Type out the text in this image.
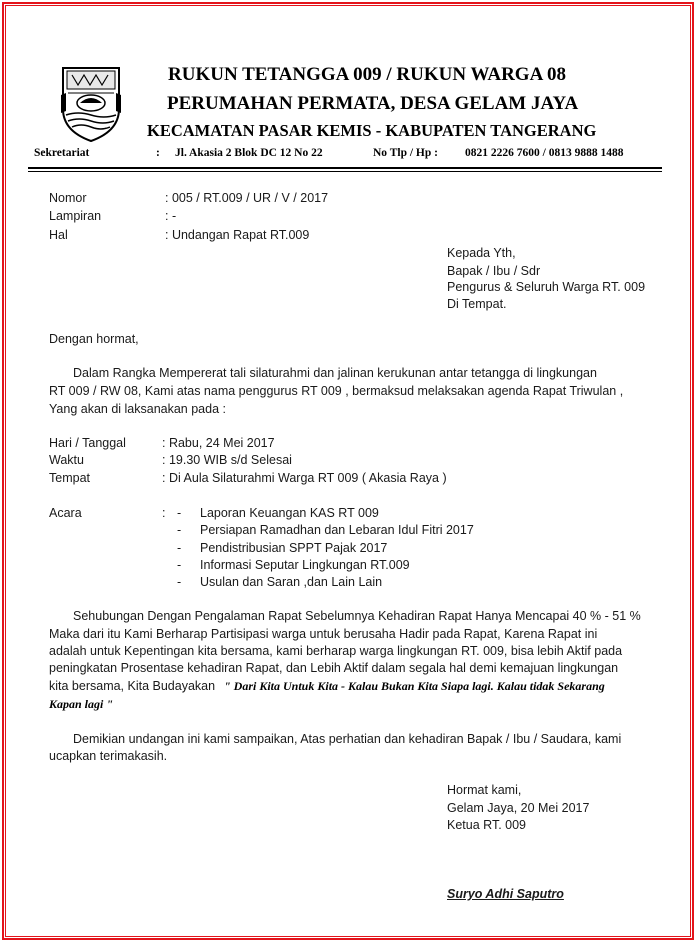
RUKUN TETANGGA 009 / RUKUN WARGA 08
PERUMAHAN PERMATA, DESA GELAM JAYA
KECAMATAN PASAR KEMIS - KABUPATEN TANGERANG
Sekretariat	: Jl. Akasia 2 Blok DC 12 No 22	No Tlp / Hp : 0821 2226 7600 / 0813 9888 1488
Nomor	: 005 / RT.009 / UR / V / 2017
Lampiran	: -
Hal	: Undangan Rapat RT.009
Kepada Yth,
Bapak / Ibu / Sdr
Pengurus & Seluruh Warga RT. 009
Di Tempat.
Dengan hormat,
Dalam Rangka Mempererat tali silaturahmi dan jalinan kerukunan antar tetangga di lingkungan
RT 009 / RW 08, Kami atas nama penggurus RT 009 , bermaksud melaksakan agenda Rapat Triwulan ,
Yang akan di laksanakan pada :
Hari / Tanggal	: Rabu, 24 Mei 2017
Waktu	: 19.30 WIB s/d Selesai
Tempat	: Di Aula Silaturahmi Warga RT 009 ( Akasia Raya )
Acara	: - Laporan Keuangan KAS RT 009
- Persiapan Ramadhan dan Lebaran Idul Fitri 2017
- Pendistribusian SPPT Pajak 2017
- Informasi Seputar Lingkungan RT.009
- Usulan dan Saran ,dan Lain Lain
Sehubungan Dengan Pengalaman Rapat Sebelumnya Kehadiran Rapat Hanya Mencapai 40 % - 51 %
Maka dari itu Kami Berharap Partisipasi warga untuk berusaha Hadir pada Rapat, Karena Rapat ini
adalah untuk Kepentingan kita bersama, kami berharap warga lingkungan RT. 009, bisa lebih Aktif pada
peningkatan Prosentase kehadiran Rapat, dan Lebih Aktif dalam segala hal demi kemajuan lingkungan
kita bersama, Kita Budayakan " Dari Kita Untuk Kita - Kalau Bukan Kita Siapa lagi. Kalau tidak Sekarang
Kapan lagi "
Demikian undangan ini kami sampaikan, Atas perhatian dan kehadiran Bapak / Ibu / Saudara, kami
ucapkan terimakasih.
Hormat kami,
Gelam Jaya, 20 Mei 2017
Ketua RT. 009
Suryo Adhi Saputro
